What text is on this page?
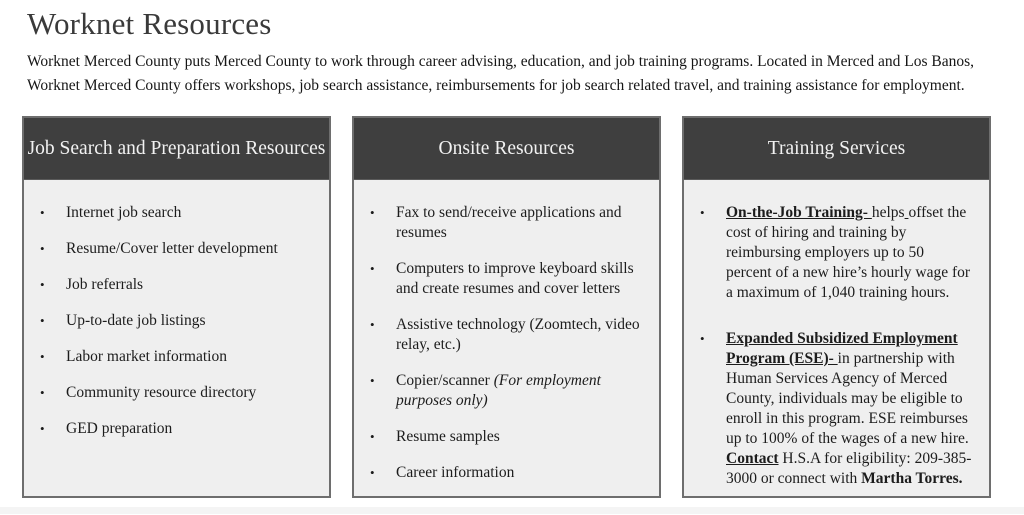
Worknet Resources

Worknet Merced County puts Merced County to work through career advising, education, and job training programs. Located in Merced and Los Banos, Worknet Merced County offers workshops, job search assistance, reimbursements for job search related travel, and training assistance for employment.

Job Search and Preparation Resources
•	Internet job search
•	Resume/Cover letter development
•	Job referrals
•	Up-to-date job listings
•	Labor market information
•	Community resource directory
•	GED preparation
Onsite Resources
•	Fax to send/receive applications and resumes
•	Computers to improve keyboard skills and create resumes and cover letters
•	Assistive technology (Zoomtech, video relay, etc.)
•	Copier/scanner (For employment purposes only)
•	Resume samples
•	Career information
Training Services
•	On-the-Job Training- helps offset the cost of hiring and training by reimbursing employers up to 50 percent of a new hire’s hourly wage for a maximum of 1,040 training hours.
•	Expanded Subsidized Employment Program (ESE)- in partnership with Human Services Agency of Merced County, individuals may be eligible to enroll in this program. ESE reimburses up to 100% of the wages of a new hire. Contact H.S.A for eligibility: 209-385-3000 or connect with Martha Torres.
